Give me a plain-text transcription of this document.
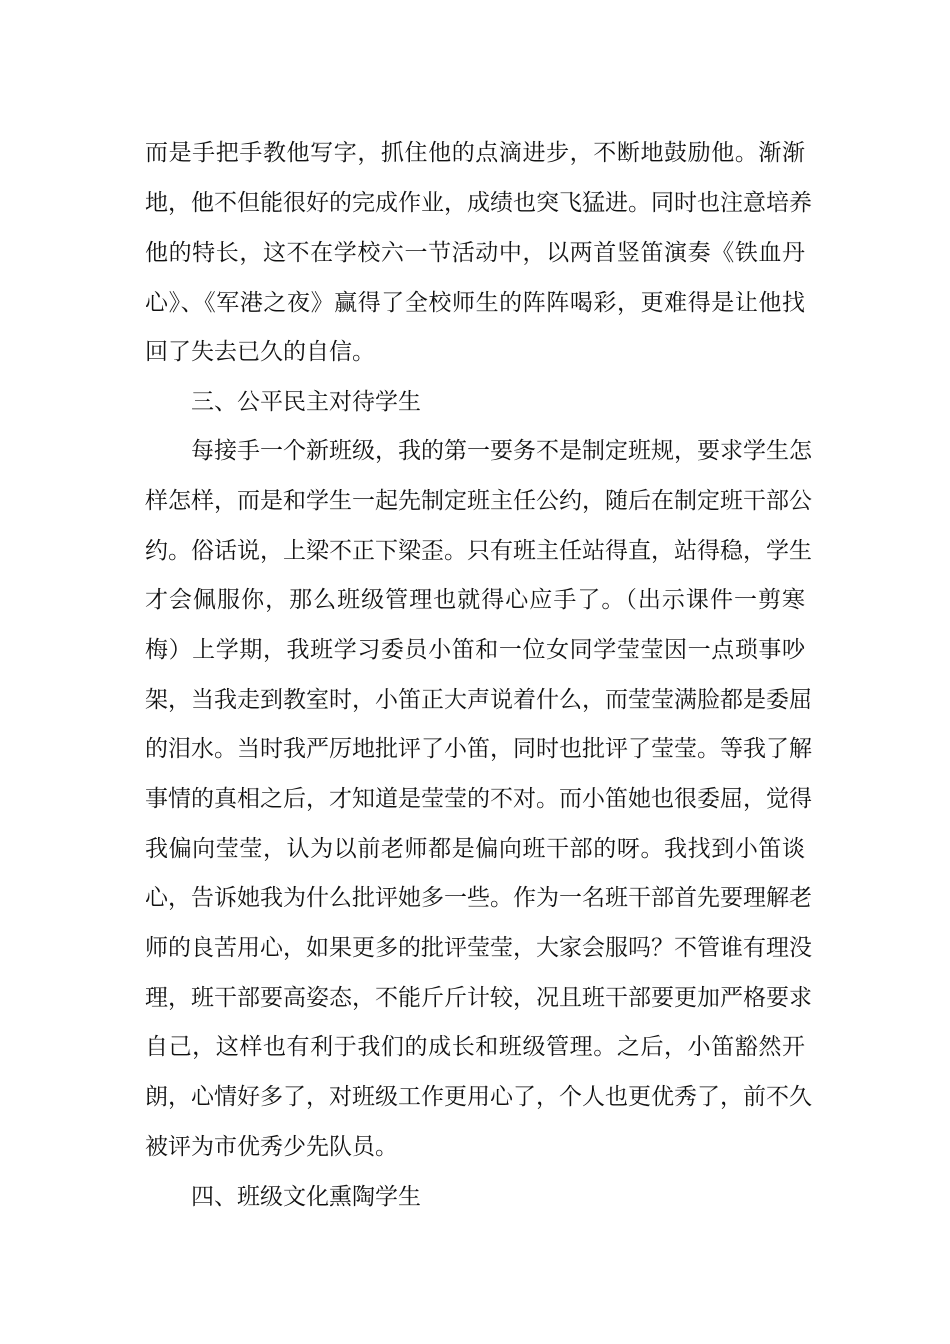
而是手把手教他写字，抓住他的点滴进步，不断地鼓励他。渐渐
地，他不但能很好的完成作业，成绩也突飞猛进。同时也注意培养
他的特长，这不在学校六一节活动中，以两首竖笛演奏《铁血丹
心》、《军港之夜》赢得了全校师生的阵阵喝彩，更难得是让他找
回了失去已久的自信。
三、公平民主对待学生
每接手一个新班级，我的第一要务不是制定班规，要求学生怎
样怎样，而是和学生一起先制定班主任公约，随后在制定班干部公
约。俗话说，上梁不正下梁歪。只有班主任站得直，站得稳，学生
才会佩服你，那么班级管理也就得心应手了。（出示课件一剪寒
梅）上学期，我班学习委员小笛和一位女同学莹莹因一点琐事吵
架，当我走到教室时，小笛正大声说着什么，而莹莹满脸都是委屈
的泪水。当时我严厉地批评了小笛，同时也批评了莹莹。等我了解
事情的真相之后，才知道是莹莹的不对。而小笛她也很委屈，觉得
我偏向莹莹，认为以前老师都是偏向班干部的呀。我找到小笛谈
心，告诉她我为什么批评她多一些。作为一名班干部首先要理解老
师的良苦用心，如果更多的批评莹莹，大家会服吗？不管谁有理没
理，班干部要高姿态，不能斤斤计较，况且班干部要更加严格要求
自己，这样也有利于我们的成长和班级管理。之后，小笛豁然开
朗，心情好多了，对班级工作更用心了，个人也更优秀了，前不久
被评为市优秀少先队员。
四、班级文化熏陶学生
